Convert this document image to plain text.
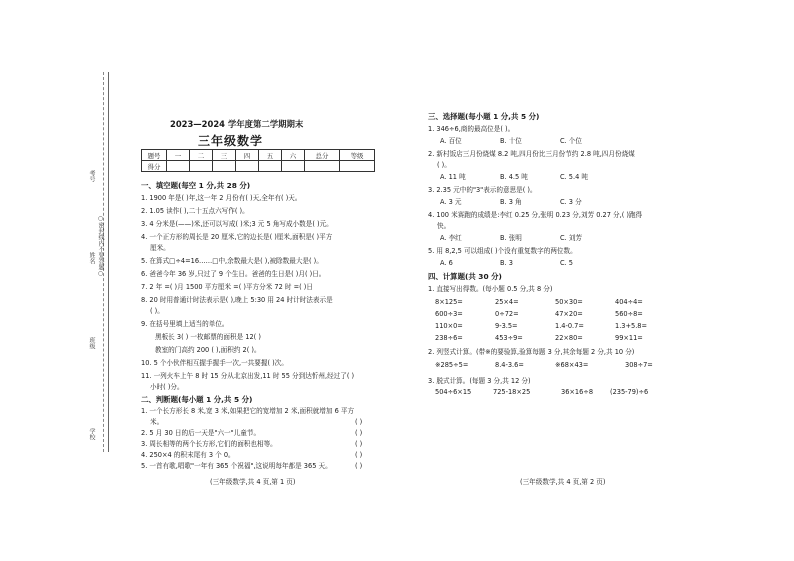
○密封线内不要答题○
考号
姓名
班级
学校
2023—2024 学年度第二学期期末
三年级数学
题号	一	二	三	四	五	六	总分	等级
得分								
一、填空题(每空 1 分,共 28 分)
1. 1900 年是( )年,这一年 2 月份有( )天,全年有( )天。
2. 1.05 读作( ),二十五点六写作( )。
3. 4 分米是(——)米,还可以写成( )米;3 元 5 角写成小数是( )元。
4. 一个正方形的周长是 20 厘米,它的边长是( )厘米,面积是( )平方
厘米。
5. 在算式□÷4=16……□中,余数最大是( ),被除数最大是( )。
6. 爸爸今年 36 岁,只过了 9 个生日。爸爸的生日是( )月( )日。
7. 2 年 =( )月 1500 平方厘米 =( )平方分米 72 时 =( )日
8. 20 时用普通计时法表示是( ),晚上 5:30 用 24 时计时法表示是
( )。
9. 在括号里填上适当的单位。
黑板长 3( ) 一枚邮票的面积是 12( )
教室的门高约 200 ( ),面积约 2( )。
10. 5 个小伙伴相互握手握手一次,一共要握( )次。
11. 一列火车上午 8 时 15 分从北京出发,11 时 55 分到达忻州,经过了( )
小时( )分。
二、判断题(每小题 1 分,共 5 分)
1. 一个长方形长 8 米,宽 3 米,如果把它的宽增加 2 米,面积就增加 6 平方
米。
2. 5 月 30 日的后一天是"六一"儿童节。
3. 周长相等的两个长方形,它们的面积也相等。
4. 250×4 的积末尾有 3 个 0。
5. 一首有歌,唱歌"一年有 365 个祝福",这说明每年都是 365 天。
( )
( )
( )
( )
( )
(三年级数学,共 4 页,第 1 页)
三、选择题(每小题 1 分,共 5 分)
1. 346÷6,商的最高位是( )。
A. 百位	B. 十位	C. 个位
2. 新村饭店三月份烧煤 8.2 吨,四月份比三月份节约 2.8 吨,四月份烧煤
( )。
A. 11 吨	B. 4.5 吨	C. 5.4 吨
3. 2.35 元中的"3"表示的意思是( )。
A. 3 元	B. 3 角	C. 3 分
4. 100 米赛跑的成绩是:李红 0.25 分,张明 0.23 分,刘芳 0.27 分,( )跑得
快。
A. 李红	B. 张明	C. 刘芳
5. 用 8,2,5 可以组成( )个没有重复数字的两位数。
A. 6	B. 3	C. 5
四、计算题(共 30 分)
1. 直接写出得数。(每小题 0.5 分,共 8 分)
8×125=	25×4=	50×30=	404÷4=
600÷3=	0÷72=	47×20=	560÷8=
110×0=	9-3.5=	1.4-0.7=	1.3+5.8=
238÷6=	453÷9=	22×80=	99×11=
2. 列竖式计算。(带※的要验算,验算每题 3 分,其余每题 2 分,共 10 分)
※285÷5=	8.4-3.6=	※68×43=	308÷7=
3. 脱式计算。(每题 3 分,共 12 分)
504÷6×15	725-18×25	36×16÷8	(235-79)÷6
(三年级数学,共 4 页,第 2 页)
